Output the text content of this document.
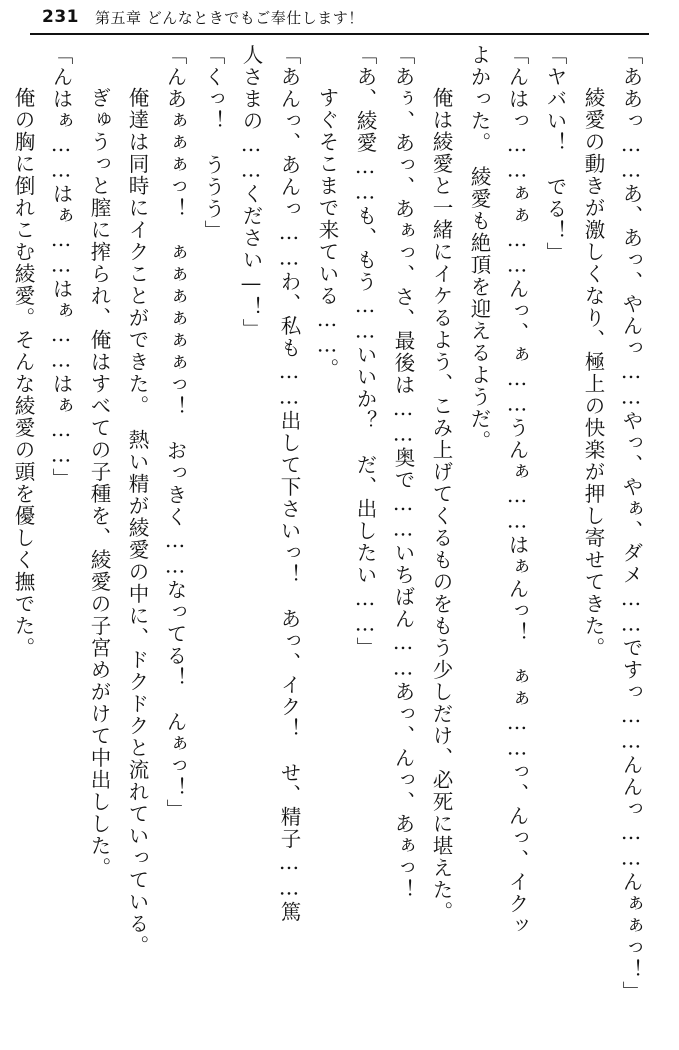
231 第五章 どんなときでもご奉仕します！

「ああっ……あ、あっ、やんっ……やっ、やぁ、ダメ……ですっ……んんっ……んぁぁっ！」

　綾愛の動きが激しくなり、極上の快楽が押し寄せてきた。

「ヤバい！　でる！」

「んはっ……ぁぁ……んっ、ぁ……うんぁ……はぁんっ！　ぁぁ……っ、んっ、イクッ

よかった。　綾愛も絶頂を迎えるようだ。

　俺は綾愛と一緒にイケるよう、こみ上げてくるものをもう少しだけ、必死に堪えた。

「あぅ、あっ、あぁっ、さ、最後は……奥で……いちばん……あっ、んっ、あぁっ！

「あ、綾愛……も、もう……いいか？　だ、出したい……」

　すぐそこまで来ている……。

「あんっ、あんっ……わ、私も……出して下さいっ！　あっ、イク！　せ、精子……篤

人さまの……ください—！」

「くっ！　ううう」

「んあぁぁぁっ！　ぁぁぁぁぁぁっ！　おっきく……なってる！　んぁっ！」

　俺達は同時にイクことができた。　熱い精が綾愛の中に、ドクドクと流れていっている。

　ぎゅうっと膣に搾られ、俺はすべての子種を、綾愛の子宮めがけて中出しした。

「んはぁ……はぁ……はぁ……はぁ……」

　俺の胸に倒れこむ綾愛。そんな綾愛の頭を優しく撫でた。
